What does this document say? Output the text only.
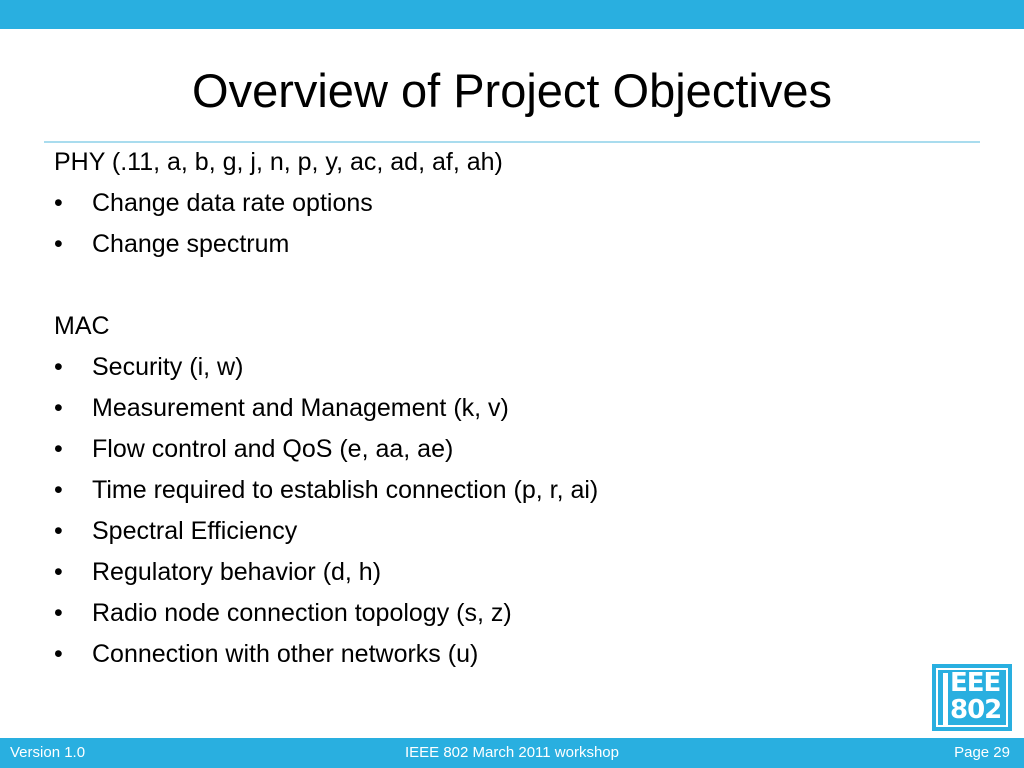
Overview of Project Objectives
PHY (.11, a, b, g, j, n, p, y, ac, ad, af, ah)
•	Change data rate options
•	Change spectrum
MAC
•	Security (i, w)
•	Measurement and Management (k, v)
•	Flow control and QoS (e, aa, ae)
•	Time required to establish connection (p, r, ai)
•	Spectral Efficiency
•	Regulatory behavior (d, h)
•	Radio node connection topology (s, z)
•	Connection with other networks (u)
EEE
802
Version 1.0	IEEE 802 March 2011 workshop	Page 29
